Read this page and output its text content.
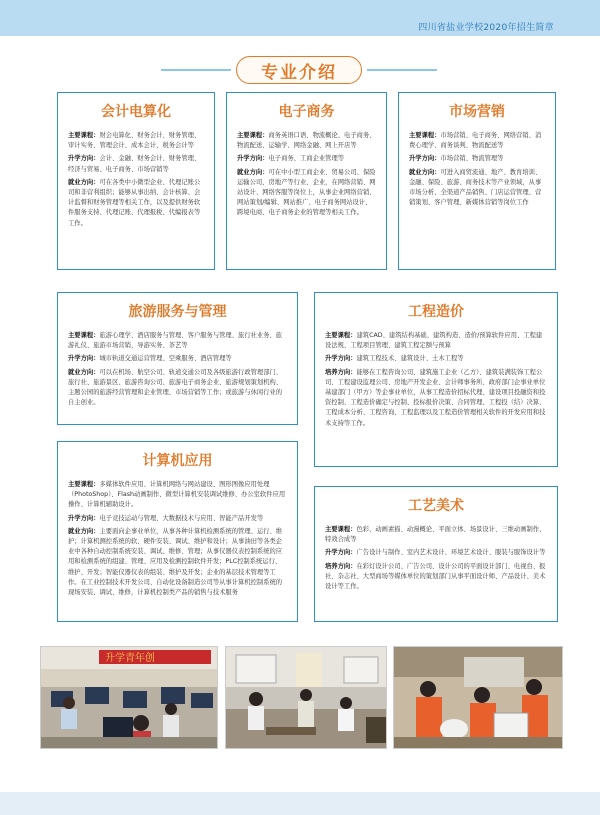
四川省盐业学校2020年招生简章
专业介绍
会计电算化

主要课程：财会电算化、财务会计、财务管理、审计实务、管理会计、成本会计、税务会计等

升学方向：会计、金融、财务会计、财务管理、经济与贸易、电子商务、市场营销等

就业方向：可在各类中小微型企业、代理记账公司和非营利组织；能够从事出纳、会计核算、会计监督和财务管理等相关工作，以及提供财务软件服务支持、代理记账、代理报税、代编报表等工作。

电子商务

主要课程：商务英语口语、物流概论、电子商务、物流配送、运输学、网络金融、网上开店等

升学方向：电子商务、工商企业管理等

就业方向：可在中小型工商企业、贸易公司、保险运输公司、房地产等行业、企业，在网络营销、网站设计、网络客服等岗位上，从事企业网络营销、网站策划/编辑、网站推广、电子商务网站设计、跨境电商、电子商务企业的管理等相关工作。

市场营销

主要课程：市场营销、电子商务、网络营销、消费心理学、商务谈判、物流配送等

升学方向：市场营销、物流管理等

就业方向：可进入商贸流通、地产、教育培训、金融、保险、旅游、商务技术等产业领域，从事市场分析、全渠道产品销售、门店运营管理、营销策划、客户管理、新媒体营销等岗位工作

旅游服务与管理

主要课程：旅游心理学、酒店服务与管理、客户服务与管理、旅行社业务、旅游礼仪、旅游市场营销、导游实务、茶艺等

升学方向：城市轨道交通运营管理、空乘服务、酒店管理等

就业方向：可以在机场、航空公司、轨道交通公司及各级旅游行政管理部门、旅行社、旅游景区、旅游咨询公司、旅游电子商务企业、旅游规划策划机构、主题公园的旅游经营管理和企业管理、市场营销等工作；或旅游与休闲行业的自主创业。

工程造价

主要课程：建筑CAD、建筑结构基础、建筑构造、造价/预算软件应用、工程建设法规、工程项目管理、建筑工程定额与预算

升学方向：建筑工程技术、建筑设计、土木工程等

培养方向：能够在工程咨询公司、建筑施工企业（乙方）、建筑装满装饰工程公司、工程建设监理公司、房地产开发企业、会计师事务所、政府部门企事业单位基建部门（甲方）等企事业单位，从事工程造价招标代理、建设项目投融资和投资控制、工程造价确定与控制、投标报价决策、合同管理、工程投（结）决算、工程成本分析、工程咨询、工程监理以及工程造价管理相关软件的开发应用和技术支持等工作。

计算机应用

主要课程：多媒体软件应用、计算机网络与网站建设、图形图像应用处理（PhotoShop）、Flash动画制作、微型计算机安装调试维修、办公室软件应用操作、计算机辅助设计。

升学方向：电子竞技运动与管理、大数据技术与应用、智能产品开发等

就业方向：主要面向企事业单位，从事各种计算机检测系统的管理、运行、维护；计算机测控系统的软、硬件安装、调试、维护和设计；从事油田等各类企业中各种自动控制系统安装、调试、维修、管理；从事仪器仪表控制系统的应用和检测系统的组建、管理、应用及检测控制软件开发；PLC控制系统运行、维护、开发；智能仪器仪表的组装、维护及开发；企业的基层技术管理等工作。在工业控制技术开发公司、自动化设备制造公司等从事计算机控制系统的现场安装、调试、维修，计算机控制类产品的销售与技术服务

工艺美术

主要课程：色彩、动画素描、动漫概论、平面立体、场景设计、三维动画制作、特效合成等

升学方向：广告设计与制作、室内艺术设计、环境艺术设计、服装与服饰设计等

培养方向：在彩灯设计公司、广告公司、设计公司的平面设计部门、电视台、报社、杂志社、大型商场等媒体单位的策划部门从事平面设计师、产品设计、美术设计等工作。

升学青年创
